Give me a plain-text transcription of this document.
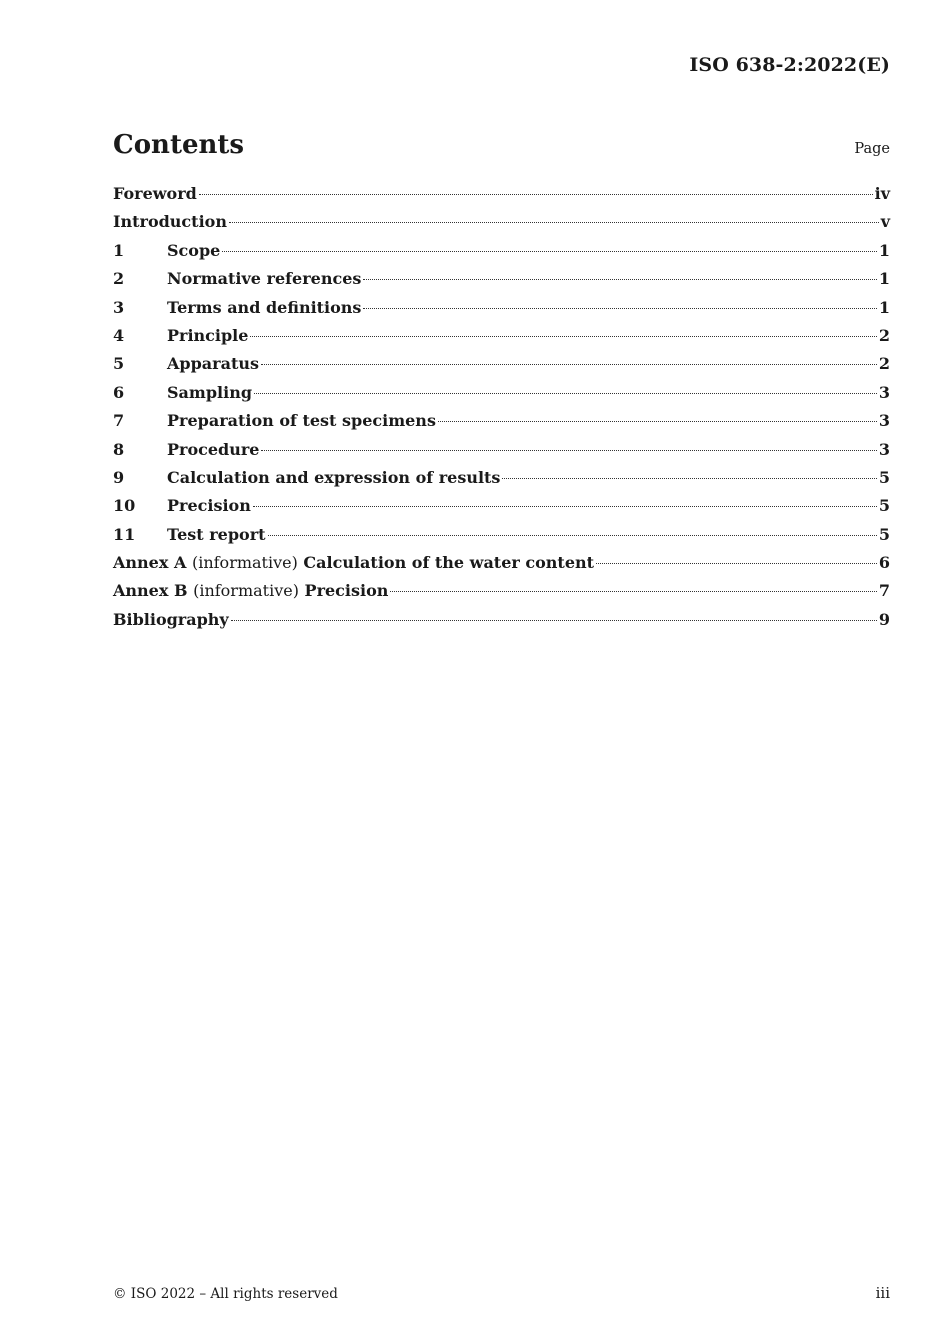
ISO 638-2:2022(E)
Contents	Page
Foreword	iv
Introduction	v
1	Scope	1
2	Normative references	1
3	Terms and definitions	1
4	Principle	2
5	Apparatus	2
6	Sampling	3
7	Preparation of test specimens	3
8	Procedure	3
9	Calculation and expression of results	5
10	Precision	5
11	Test report	5
Annex A (informative) Calculation of the water content	6
Annex B (informative) Precision	7
Bibliography	9
© ISO 2022 – All rights reserved	iii
